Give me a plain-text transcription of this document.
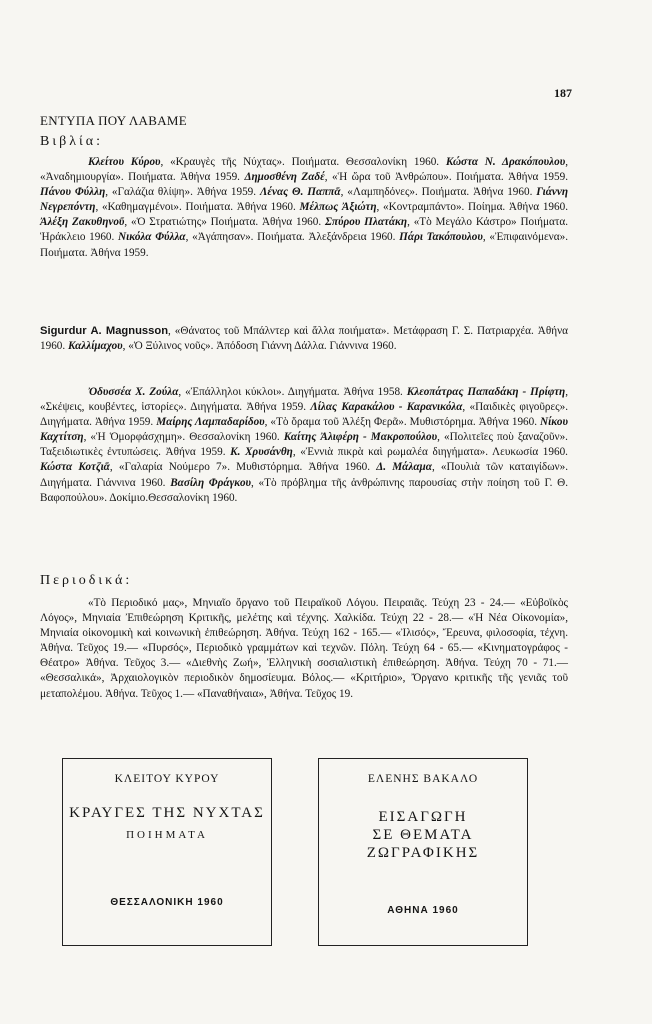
187
ΕΝΤΥΠΑ ΠΟΥ ΛΑΒΑΜΕ
Βιβλία:

Κλείτου Κύρου, «Κραυγὲς τῆς Νύχτας». Ποιήματα. Θεσσαλονίκη 1960. Κώστα Ν. Δρακόπουλου, «Ἀναδημιουργία». Ποιήματα. Ἀθήνα 1959. Δημοσθένη Ζαδέ, «Ἡ ὥρα τοῦ Ἀνθρώπου». Ποιήματα. Ἀθήνα 1959. Πάνου Φύλλη, «Γαλάζια θλίψη». Ἀθήνα 1959. Λένας Θ. Παππᾶ, «Λαμπηδόνες». Ποιήματα. Ἀθήνα 1960. Γιάννη Νεγρεπόντη, «Καθημαγμένοι». Ποιήματα. Ἀθήνα 1960. Μέλπως Ἀξιώτη, «Κοντραμπάντο». Ποίημα. Ἀθήνα 1960. Ἀλέξη Ζακυθηνοῦ, «Ὁ Στρατιώτης» Ποιήματα. Ἀθήνα 1960. Σπύρου Πλατάκη, «Τὸ Μεγάλο Κάστρο» Ποιήματα. Ἡράκλειο 1960. Νικόλα Φύλλα, «Ἀγάπησαν». Ποιήματα. Ἀλεξάνδρεια 1960. Πάρι Τακόπουλου, «Ἐπιφαινόμενα». Ποιήματα. Ἀθήνα 1959.

Sigurdur A. Magnusson, «Θάνατος τοῦ Μπάλντερ καὶ ἄλλα ποιήματα». Μετάφραση Γ. Σ. Πατριαρχέα. Ἀθήνα 1960. Καλλίμαχου, «Ὁ Ξύλινος νοῦς». Ἀπόδοση Γιάννη Δάλλα. Γιάννινα 1960.

Ὀδυσσέα Χ. Ζούλα, «Ἐπάλληλοι κύκλοι». Διηγήματα. Ἀθήνα 1958. Κλεοπάτρας Παπαδάκη - Πρίφτη, «Σκέψεις, κουβέντες, ἱστορίες». Διηγήματα. Ἀθήνα 1959. Λίλας Καρακάλου - Καρανικόλα, «Παιδικὲς φιγοῦρες». Διηγήματα. Ἀθήνα 1959. Μαίρης Λαμπαδαρίδου, «Τὸ ὅραμα τοῦ Ἀλέξη Φερᾶ». Μυθιστόρημα. Ἀθήνα 1960. Νίκου Καχτίτση, «Ἡ Ὁμορφάσχημη». Θεσσαλονίκη 1960. Καίτης Ἀλιφέρη - Μακροπούλου, «Πολιτεῖες ποὺ ξαναζοῦν». Ταξειδιωτικὲς ἐντυπώσεις. Ἀθήνα 1959. Κ. Χρυσάνθη, «Ἐννιὰ πικρὰ καὶ ρωμαλέα διηγήματα». Λευκωσία 1960. Κώστα Κοτζιᾶ, «Γαλαρία Νούμερο 7». Μυθιστόρημα. Ἀθήνα 1960. Δ. Μάλαμα, «Πουλιὰ τῶν καταιγίδων». Διηγήματα. Γιάννινα 1960. Βασίλη Φράγκου, «Τὸ πρόβλημα τῆς ἀνθρώπινης παρουσίας στὴν ποίηση τοῦ Γ. Θ. Βαφοπούλου». Δοκίμιο.Θεσσαλονίκη 1960.

Περιοδικά:

«Τὸ Περιοδικό μας», Μηνιαῖο ὄργανο τοῦ Πειραϊκοῦ Λόγου. Πειραιᾶς. Τεύχη 23 - 24.— «Εὐβοϊκὸς Λόγος», Μηνιαία Ἐπιθεώρηση Κριτικῆς, μελέτης καὶ τέχνης. Χαλκίδα. Τεύχη 22 - 28.— «Ἡ Νέα Οἰκονομία», Μηνιαία οἰκονομικὴ καὶ κοινωνικὴ ἐπιθεώρηση. Ἀθήνα. Τεύχη 162 - 165.— «Ἰλισός», Ἔρευνα, φιλοσοφία, τέχνη. Ἀθήνα. Τεῦχος 19.— «Πυρσός», Περιοδικὸ γραμμάτων καὶ τεχνῶν. Πόλη. Τεύχη 64 - 65.— «Κινηματογράφος - Θέατρο» Ἀθήνα. Τεῦχος 3.— «Διεθνὴς Ζωή», Ἑλληνικὴ σοσιαλιστικὴ ἐπιθεώρηση. Ἀθήνα. Τεύχη 70 - 71.— «Θεσσαλικά», Ἀρχαιολογικὸν περιοδικὸν δημοσίευμα. Βόλος.— «Κριτήριο», Ὄργανο κριτικῆς τῆς γενιᾶς τοῦ μεταπολέμου. Ἀθήνα. Τεῦχος 1.— «Παναθήναια», Ἀθήνα. Τεῦχος 19.

ΚΛΕΙΤΟΥ ΚΥΡΟΥ
ΚΡΑΥΓΕΣ ΤΗΣ ΝΥΧΤΑΣ
ΠΟΙΗΜΑΤΑ
ΘΕΣΣΑΛΟΝΙΚΗ 1960
ΕΛΕΝΗΣ ΒΑΚΑΛΟ
ΕΙΣΑΓΩΓΗ
ΣΕ ΘΕΜΑΤΑ
ΖΩΓΡΑΦΙΚΗΣ
ΑΘΗΝΑ 1960
